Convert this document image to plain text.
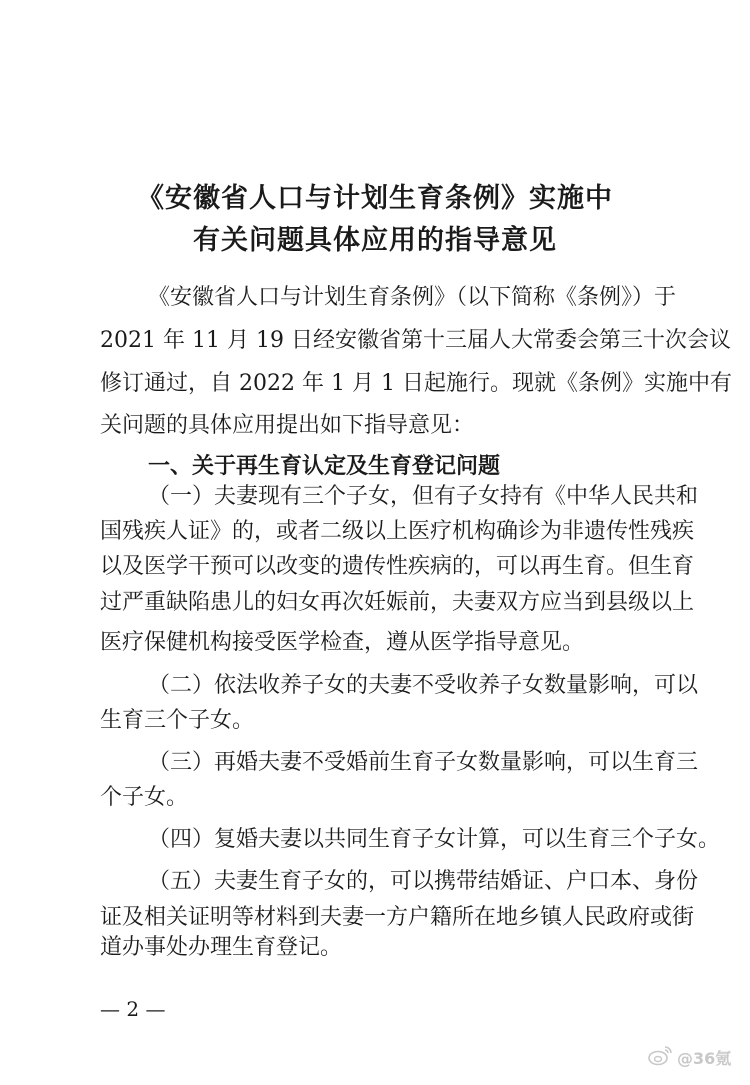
《安徽省人口与计划生育条例》实施中
有关问题具体应用的指导意见
《安徽省人口与计划生育条例》（以下简称《条例》）于
2021 年 11 月 19 日经安徽省第十三届人大常委会第三十次会议
修订通过，自 2022 年 1 月 1 日起施行。现就《条例》实施中有
关问题的具体应用提出如下指导意见：
一、关于再生育认定及生育登记问题
（一）夫妻现有三个子女，但有子女持有《中华人民共和
国残疾人证》的，或者二级以上医疗机构确诊为非遗传性残疾
以及医学干预可以改变的遗传性疾病的，可以再生育。但生育
过严重缺陷患儿的妇女再次妊娠前，夫妻双方应当到县级以上
医疗保健机构接受医学检查，遵从医学指导意见。
（二）依法收养子女的夫妻不受收养子女数量影响，可以
生育三个子女。
（三）再婚夫妻不受婚前生育子女数量影响，可以生育三
个子女。
（四）复婚夫妻以共同生育子女计算，可以生育三个子女。
（五）夫妻生育子女的，可以携带结婚证、户口本、身份
证及相关证明等材料到夫妻一方户籍所在地乡镇人民政府或街
道办事处办理生育登记。
— 2 —
@36氪
